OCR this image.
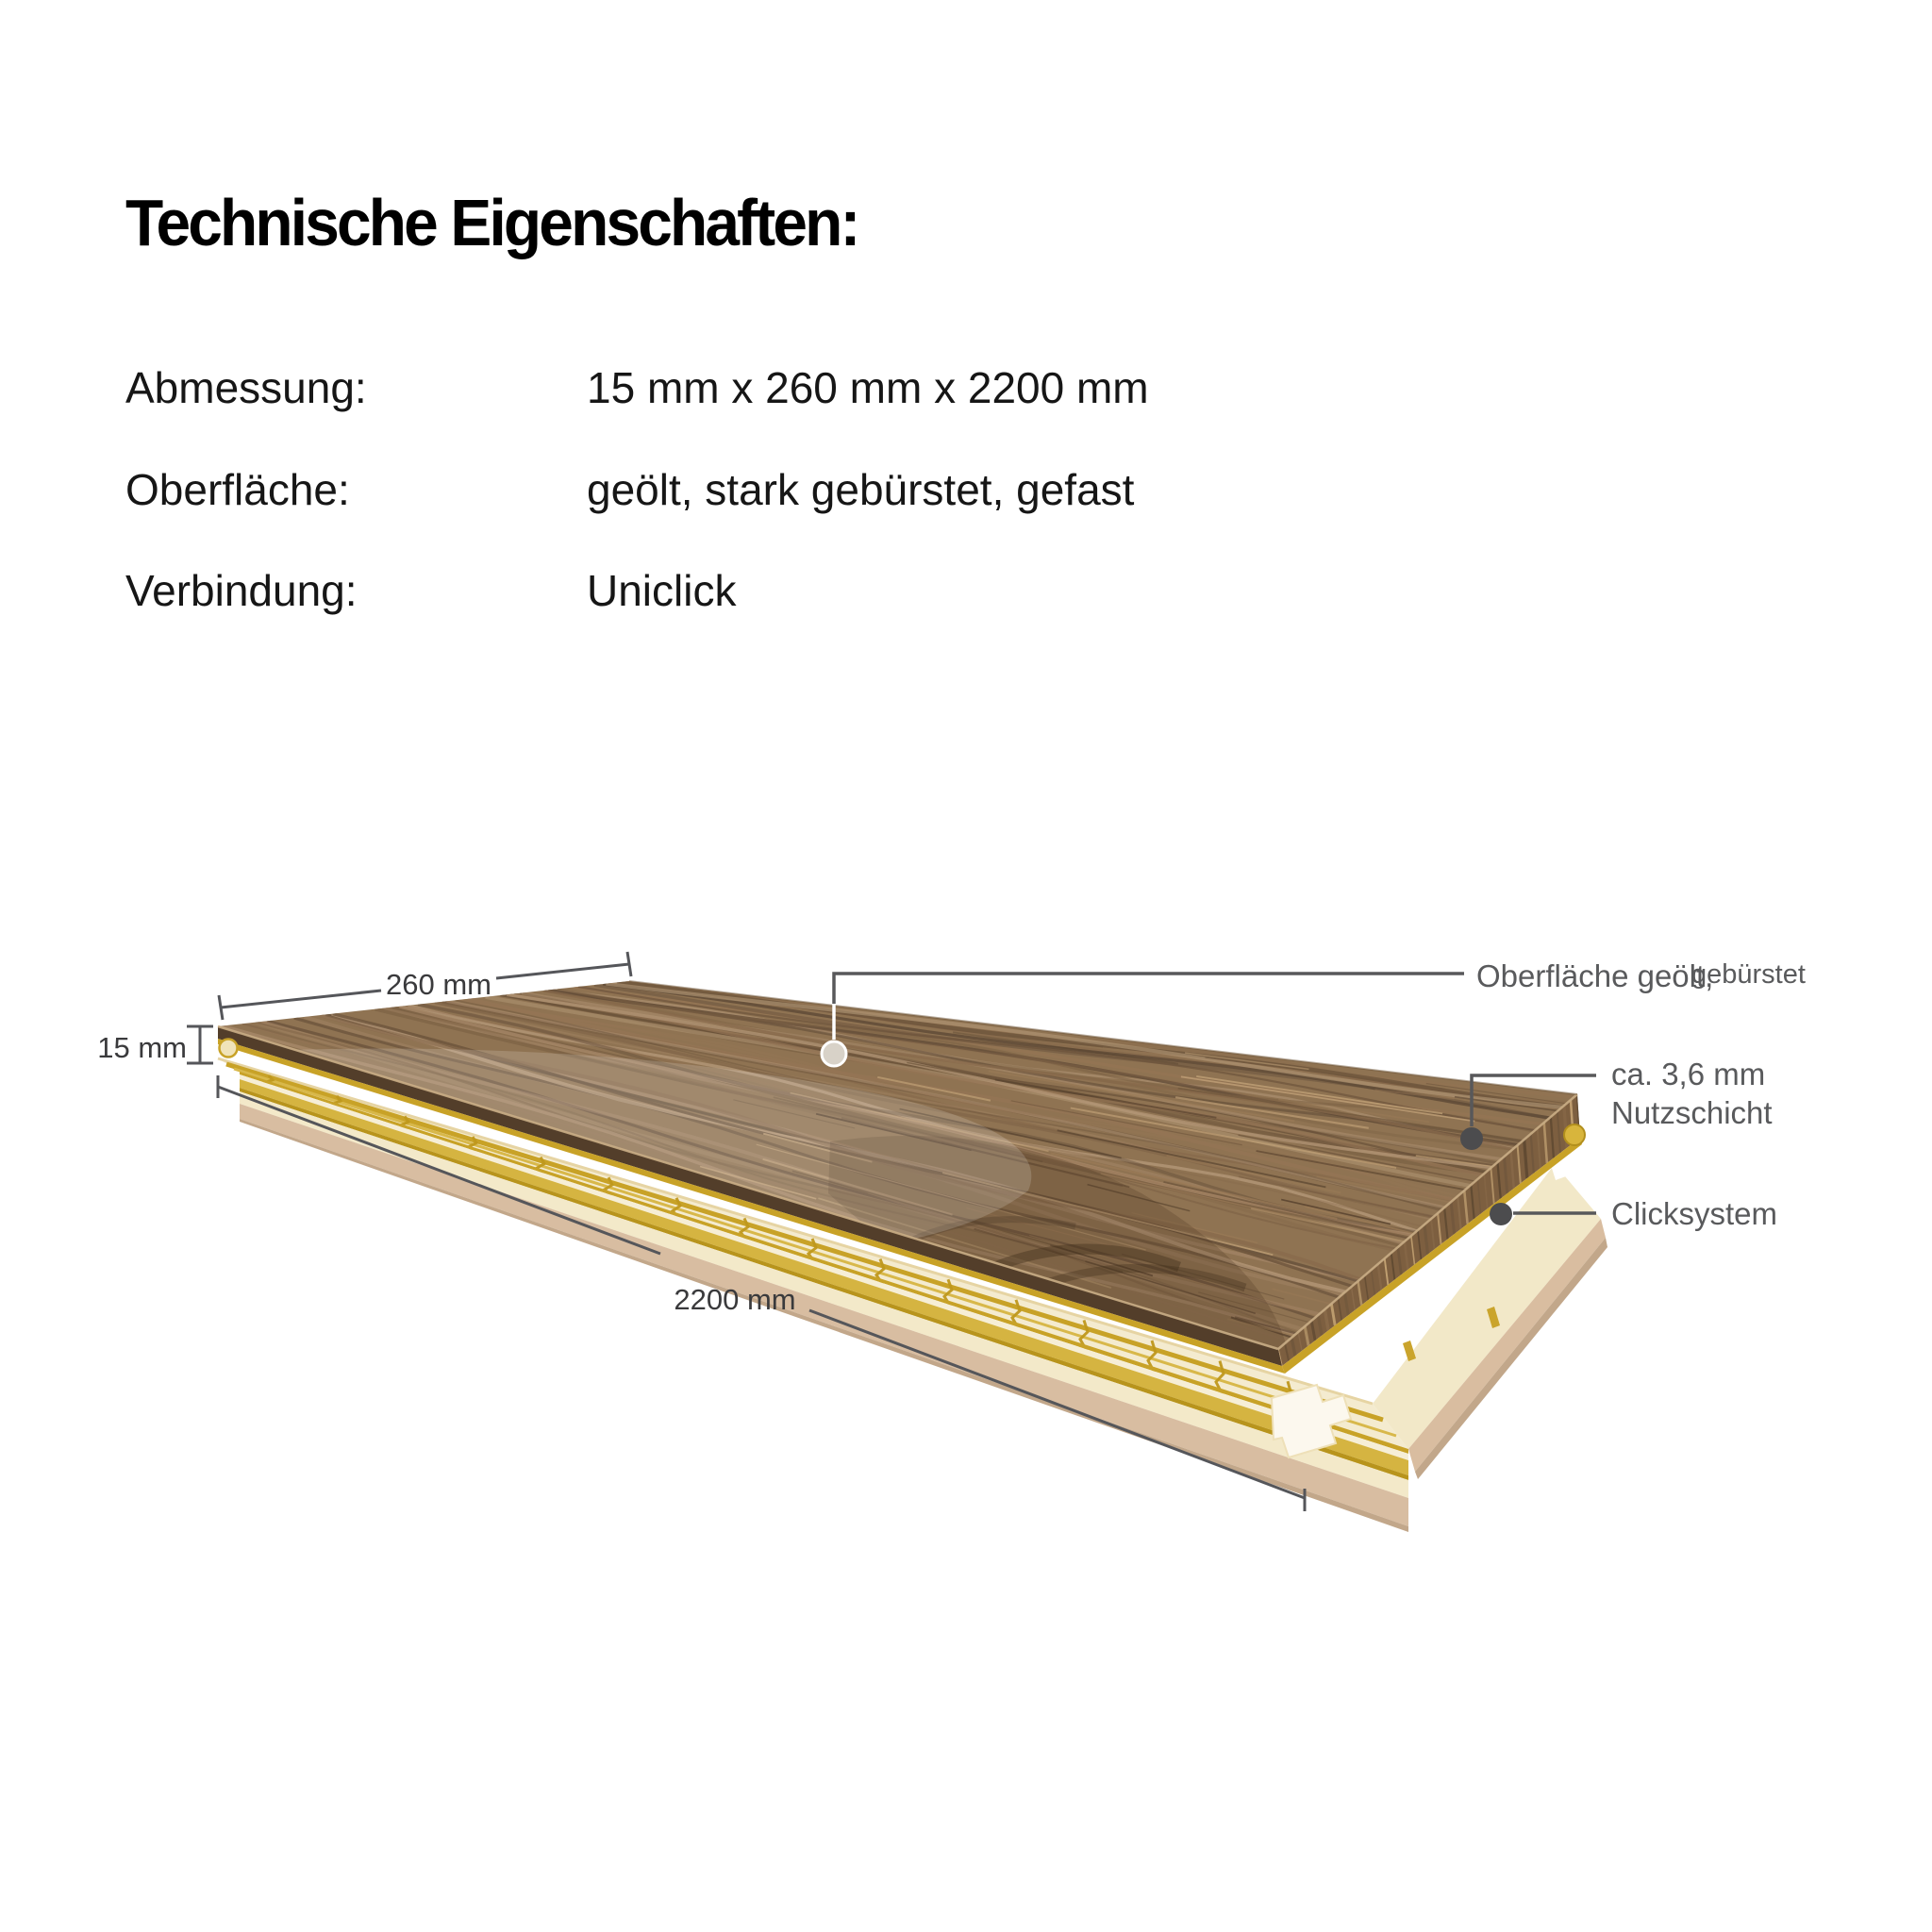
Technische Eigenschaften:
Abmessung:	15 mm x 260 mm x 2200 mm
Oberfläche:	geölt, stark gebürstet, gefast
Verbindung:	Uniclick
260 mm
15 mm
2200 mm
Oberfläche geölt,
gebürstet
ca. 3,6 mm
Nutzschicht
Clicksystem
